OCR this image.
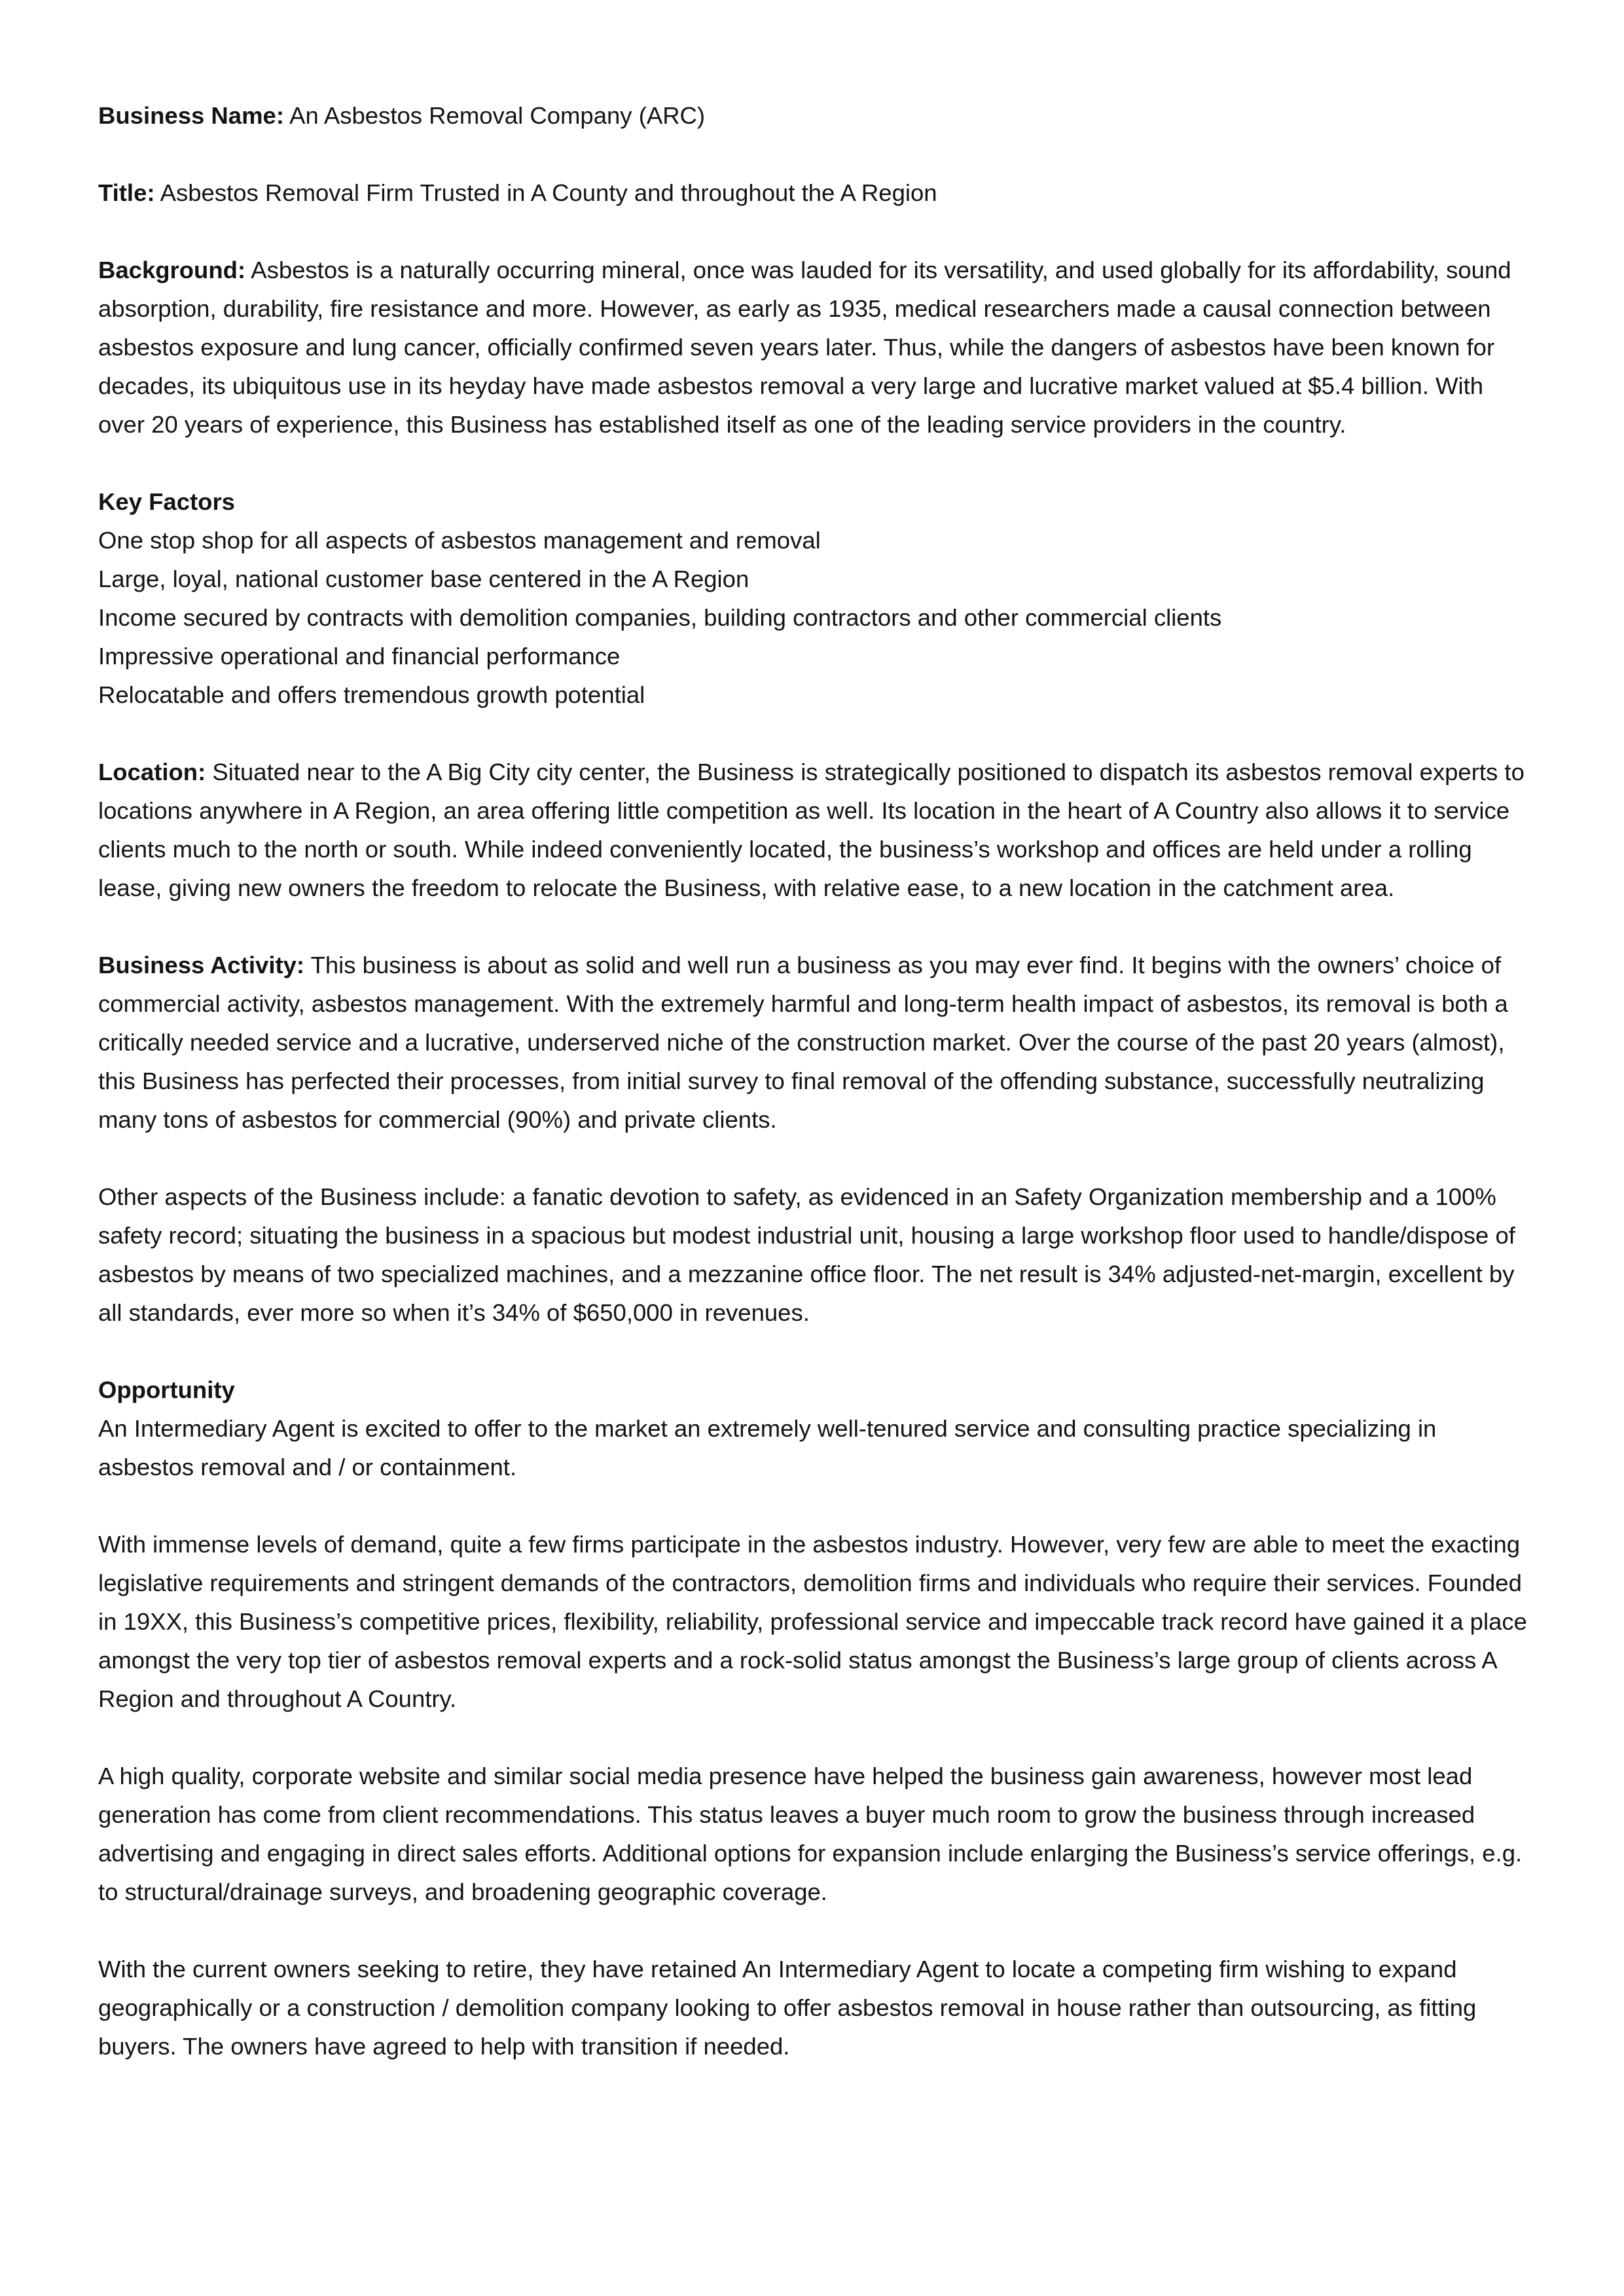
Business Name: An Asbestos Removal Company (ARC)

Title: Asbestos Removal Firm Trusted in A County and throughout the A Region

Background: Asbestos is a naturally occurring mineral, once was lauded for its versatility, and used globally for its affordability, sound absorption, durability, fire resistance and more. However, as early as 1935, medical researchers made a causal connection between asbestos exposure and lung cancer, officially confirmed seven years later. Thus, while the dangers of asbestos have been known for decades, its ubiquitous use in its heyday have made asbestos removal a very large and lucrative market valued at $5.4 billion. With over 20 years of experience, this Business has established itself as one of the leading service providers in the country.

Key Factors
One stop shop for all aspects of asbestos management and removal
Large, loyal, national customer base centered in the A Region
Income secured by contracts with demolition companies, building contractors and other commercial clients
Impressive operational and financial performance
Relocatable and offers tremendous growth potential

Location: Situated near to the A Big City city center, the Business is strategically positioned to dispatch its asbestos removal experts to locations anywhere in A Region, an area offering little competition as well. Its location in the heart of A Country also allows it to service clients much to the north or south. While indeed conveniently located, the business’s workshop and offices are held under a rolling lease, giving new owners the freedom to relocate the Business, with relative ease, to a new location in the catchment area.

Business Activity: This business is about as solid and well run a business as you may ever find. It begins with the owners’ choice of commercial activity, asbestos management. With the extremely harmful and long-term health impact of asbestos, its removal is both a critically needed service and a lucrative, underserved niche of the construction market. Over the course of the past 20 years (almost), this Business has perfected their processes, from initial survey to final removal of the offending substance, successfully neutralizing many tons of asbestos for commercial (90%) and private clients.

Other aspects of the Business include: a fanatic devotion to safety, as evidenced in an Safety Organization membership and a 100% safety record; situating the business in a spacious but modest industrial unit, housing a large workshop floor used to handle/dispose of asbestos by means of two specialized machines, and a mezzanine office floor. The net result is 34% adjusted-net-margin, excellent by all standards, ever more so when it’s 34% of $650,000 in revenues.

Opportunity
An Intermediary Agent is excited to offer to the market an extremely well-tenured service and consulting practice specializing in asbestos removal and / or containment.

With immense levels of demand, quite a few firms participate in the asbestos industry. However, very few are able to meet the exacting legislative requirements and stringent demands of the contractors, demolition firms and individuals who require their services. Founded in 19XX, this Business’s competitive prices, flexibility, reliability, professional service and impeccable track record have gained it a place amongst the very top tier of asbestos removal experts and a rock-solid status amongst the Business’s large group of clients across A Region and throughout A Country.

A high quality, corporate website and similar social media presence have helped the business gain awareness, however most lead generation has come from client recommendations. This status leaves a buyer much room to grow the business through increased advertising and engaging in direct sales efforts. Additional options for expansion include enlarging the Business’s service offerings, e.g. to structural/drainage surveys, and broadening geographic coverage.

With the current owners seeking to retire, they have retained An Intermediary Agent to locate a competing firm wishing to expand geographically or a construction / demolition company looking to offer asbestos removal in house rather than outsourcing, as fitting buyers. The owners have agreed to help with transition if needed.
